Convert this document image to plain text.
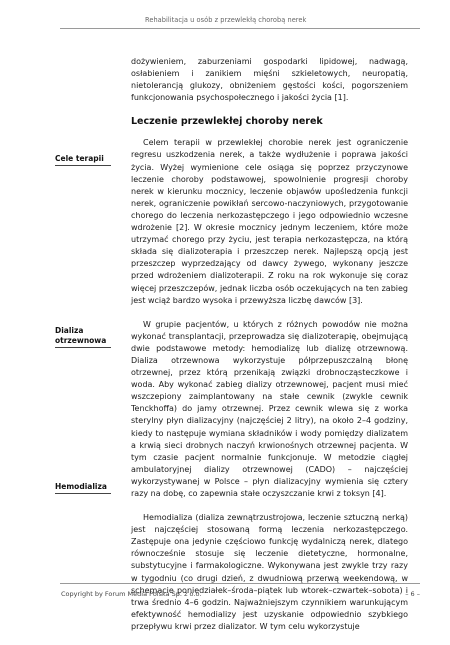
Rehabilitacja u osób z przewlekłą chorobą nerek
Cele terapii
Dializa otrzewnowa
Hemodializa

dożywieniem, zaburzeniami gospodarki lipidowej, nadwagą, osłabieniem i zanikiem mięśni szkieletowych, neuropatią, nietolerancją glukozy, obniżeniem gęstości kości, pogorszeniem funkcjonowania psychospołecznego i jakości życia [1].

Leczenie przewlekłej choroby nerek

Celem terapii w przewlekłej chorobie nerek jest ograniczenie regresu uszkodzenia nerek, a także wydłużenie i poprawa jakości życia. Wyżej wymienione cele osiąga się poprzez przyczynowe leczenie choroby podstawowej, spowolnienie progresji choroby nerek w kierunku mocznicy, leczenie objawów upośledzenia funkcji nerek, ograniczenie powikłań sercowo-naczyniowych, przygotowanie chorego do leczenia nerkozastępczego i jego odpowiednio wczesne wdrożenie [2]. W okresie mocznicy jednym leczeniem, które może utrzymać chorego przy życiu, jest terapia nerkozastępcza, na którą składa się dializoterapia i przeszczep nerek. Najlepszą opcją jest przeszczep wyprzedzający od dawcy żywego, wykonany jeszcze przed wdrożeniem dializoterapii. Z roku na rok wykonuje się coraz więcej przeszczepów, jednak liczba osób oczekujących na ten zabieg jest wciąż bardzo wysoka i przewyższa liczbę dawców [3].

W grupie pacjentów, u których z różnych powodów nie można wykonać transplantacji, przeprowadza się dializoterapię, obejmującą dwie podstawowe metody: hemodializę lub dializę otrzewnową. Dializa otrzewnowa wykorzystuje półprzepuszczalną błonę otrzewnej, przez którą przenikają związki drobnocząsteczkowe i woda. Aby wykonać zabieg dializy otrzewnowej, pacjent musi mieć wszczepiony zaimplantowany na stałe cewnik (zwykle cewnik Tenckhoffa) do jamy otrzewnej. Przez cewnik wlewa się z worka sterylny płyn dializacyjny (najczęściej 2 litry), na około 2–4 godziny, kiedy to następuje wymiana składników i wody pomiędzy dializatem a krwią sieci drobnych naczyń krwionośnych otrzewnej pacjenta. W tym czasie pacjent normalnie funkcjonuje. W metodzie ciągłej ambulatoryjnej dializy otrzewnowej (CADO) – najczęściej wykorzystywanej w Polsce – płyn dializacyjny wymienia się cztery razy na dobę, co zapewnia stałe oczyszczanie krwi z toksyn [4].

Hemodializa (dializa zewnątrzustrojowa, leczenie sztuczną nerką) jest najczęściej stosowaną formą leczenia nerkozastępczego. Zastępuje ona jedynie częściowo funkcję wydalniczą nerek, dlatego równocześnie stosuje się leczenie dietetyczne, hormonalne, substytucyjne i farmakologiczne. Wykonywana jest zwykle trzy razy w tygodniu (co drugi dzień, z dwudniową przerwą weekendową, w schemacie poniedziałek–środa–piątek lub wtorek–czwartek–sobota) i trwa średnio 4–6 godzin. Najważniejszym czynnikiem warunkującym efektywność hemodializy jest uzyskanie odpowiednio szybkiego przepływu krwi przez dializator. W tym celu wykorzystuje

Copyright by Forum Media Polska Sp. z o.o.	– 6 –
